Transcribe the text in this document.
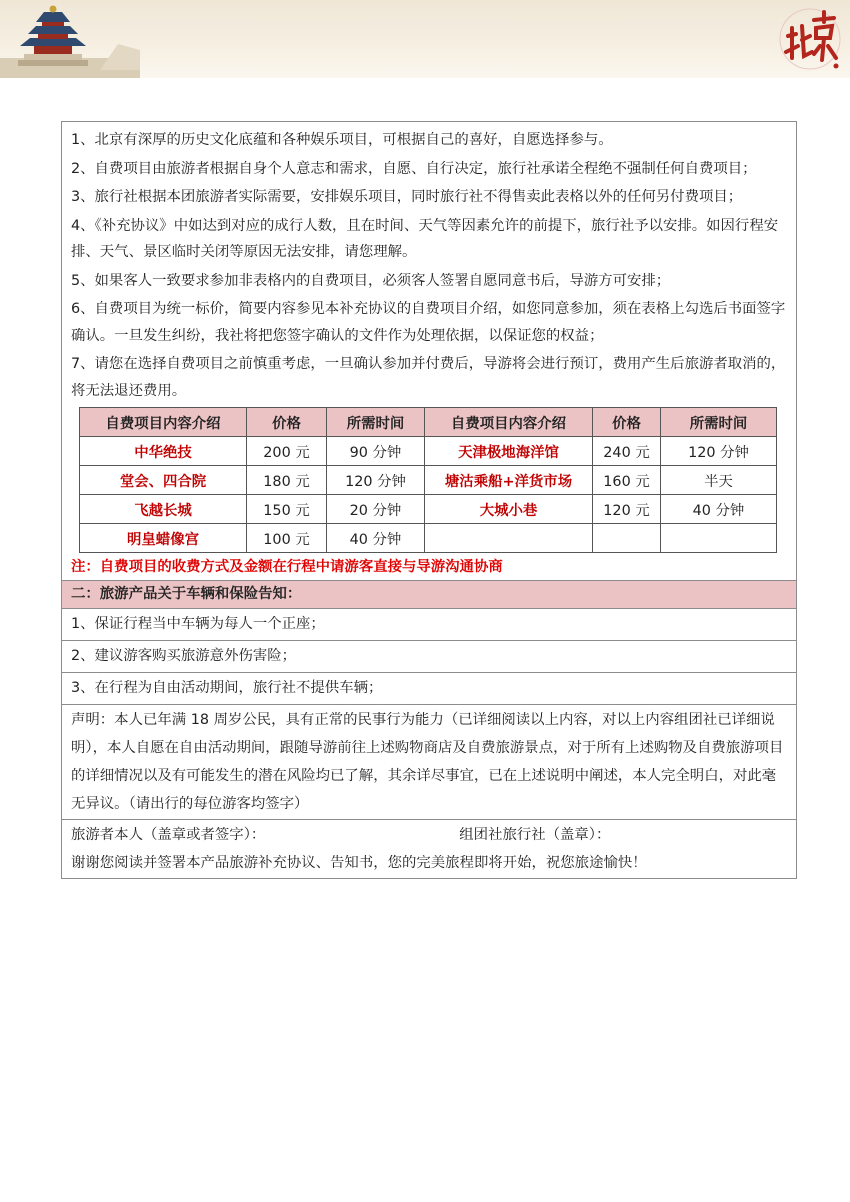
1、北京有深厚的历史文化底蕴和各种娱乐项目，可根据自己的喜好，自愿选择参与。
2、自费项目由旅游者根据自身个人意志和需求，自愿、自行决定，旅行社承诺全程绝不强制任何自费项目；
3、旅行社根据本团旅游者实际需要，安排娱乐项目，同时旅行社不得售卖此表格以外的任何另付费项目；
4、《补充协议》中如达到对应的成行人数，且在时间、天气等因素允许的前提下，旅行社予以安排。如因行程安排、天气、景区临时关闭等原因无法安排，请您理解。
5、如果客人一致要求参加非表格内的自费项目，必须客人签署自愿同意书后，导游方可安排；
6、自费项目为统一标价，简要内容参见本补充协议的自费项目介绍，如您同意参加，须在表格上勾选后书面签字确认。一旦发生纠纷，我社将把您签字确认的文件作为处理依据，以保证您的权益；
7、请您在选择自费项目之前慎重考虑，一旦确认参加并付费后，导游将会进行预订，费用产生后旅游者取消的，将无法退还费用。
自费项目内容介绍	价格	所需时间	自费项目内容介绍	价格	所需时间
中华绝技	200 元	90 分钟	天津极地海洋馆	240 元	120 分钟
堂会、四合院	180 元	120 分钟	塘沽乘船+洋货市场	160 元	半天
飞越长城	150 元	20 分钟	大城小巷	120 元	40 分钟
明皇蜡像宫	100 元	40 分钟			
注：自费项目的收费方式及金额在行程中请游客直接与导游沟通协商
二：旅游产品关于车辆和保险告知：
1、保证行程当中车辆为每人一个正座；
2、建议游客购买旅游意外伤害险；
3、在行程为自由活动期间，旅行社不提供车辆；
声明：本人已年满 18 周岁公民，具有正常的民事行为能力（已详细阅读以上内容，对以上内容组团社已详细说明），本人自愿在自由活动期间，跟随导游前往上述购物商店及自费旅游景点，对于所有上述购物及自费旅游项目的详细情况以及有可能发生的潜在风险均已了解，其余详尽事宜，已在上述说明中阐述，本人完全明白，对此毫无异议。（请出行的每位游客均签字）
旅游者本人（盖章或者签字）：	组团社旅行社（盖章）：
谢谢您阅读并签署本产品旅游补充协议、告知书，您的完美旅程即将开始，祝您旅途愉快！
